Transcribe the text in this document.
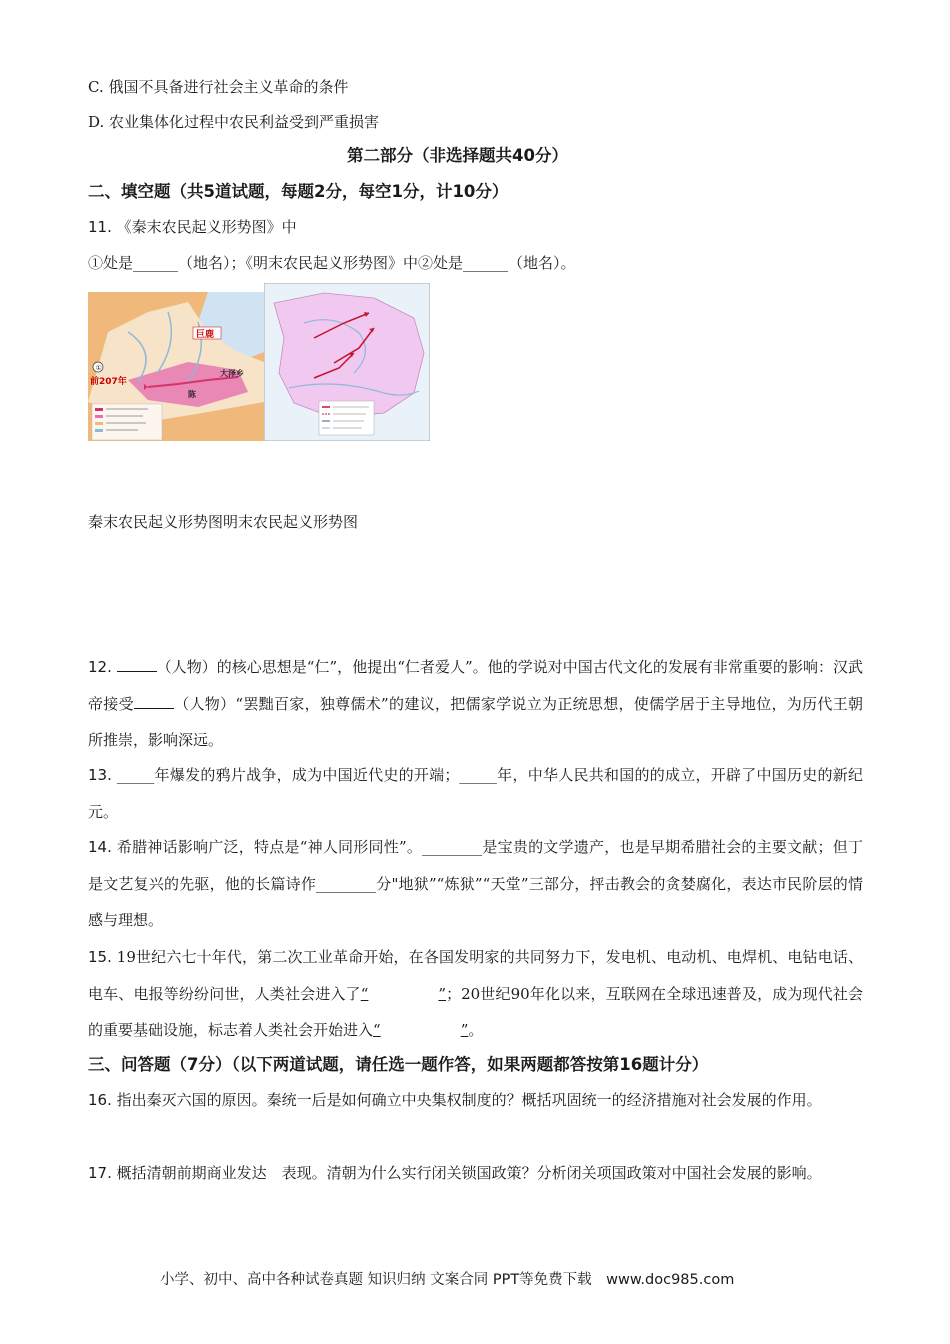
C. 俄国不具备进行社会主义革命的条件
D. 农业集体化过程中农民利益受到严重损害
第二部分（非选择题共40分）
二、填空题（共5道试题，每题2分，每空1分，计10分）
11. 《秦末农民起义形势图》中
①处是______（地名）；《明末农民起义形势图》中②处是______（地名）。
巨鹿
①
前207年
大泽乡
陈
秦末农民起义形势图明末农民起义形势图
12.	（人物）的核心思想是“仁”，他提出“仁者爱人”。他的学说对中国古代文化的发展有非常重要的影响：汉武帝接受	（人物）“罢黜百家，独尊儒术”的建议，把儒家学说立为正统思想，使儒学居于主导地位，为历代王朝所推崇，影响深远。
13. _____年爆发的鸦片战争，成为中国近代史的开端；_____年，中华人民共和国的的成立，开辟了中国历史的新纪元。
14. 希腊神话影响广泛，特点是“神人同形同性”。________是宝贵的文学遗产，也是早期希腊社会的主要文献；但丁是文艺复兴的先驱，他的长篇诗作________分"地狱”“炼狱”“天堂”三部分，抨击教会的贪婪腐化，表达市民阶层的情感与理想。
15. 19世纪六七十年代，第二次工业革命开始，在各国发明家的共同努力下，发电机、电动机、电焊机、电钻电话、电车、电报等纷纷问世，人类社会进入了“	”；20世纪90年化以来，互联网在全球迅速普及，成为现代社会的重要基础设施，标志着人类社会开始进入“	”。
三、问答题（7分）（以下两道试题，请任选一题作答，如果两题都答按第16题计分）
16. 指出秦灭六国的原因。秦统一后是如何确立中央集权制度的？概括巩固统一的经济措施对社会发展的作用。
17. 概括清朝前期商业发达　表现。清朝为什么实行闭关锁国政策？分析闭关项国政策对中国社会发展的影响。
小学、初中、高中各种试卷真题 知识归纳 文案合同 PPT等免费下载　www.doc985.com
